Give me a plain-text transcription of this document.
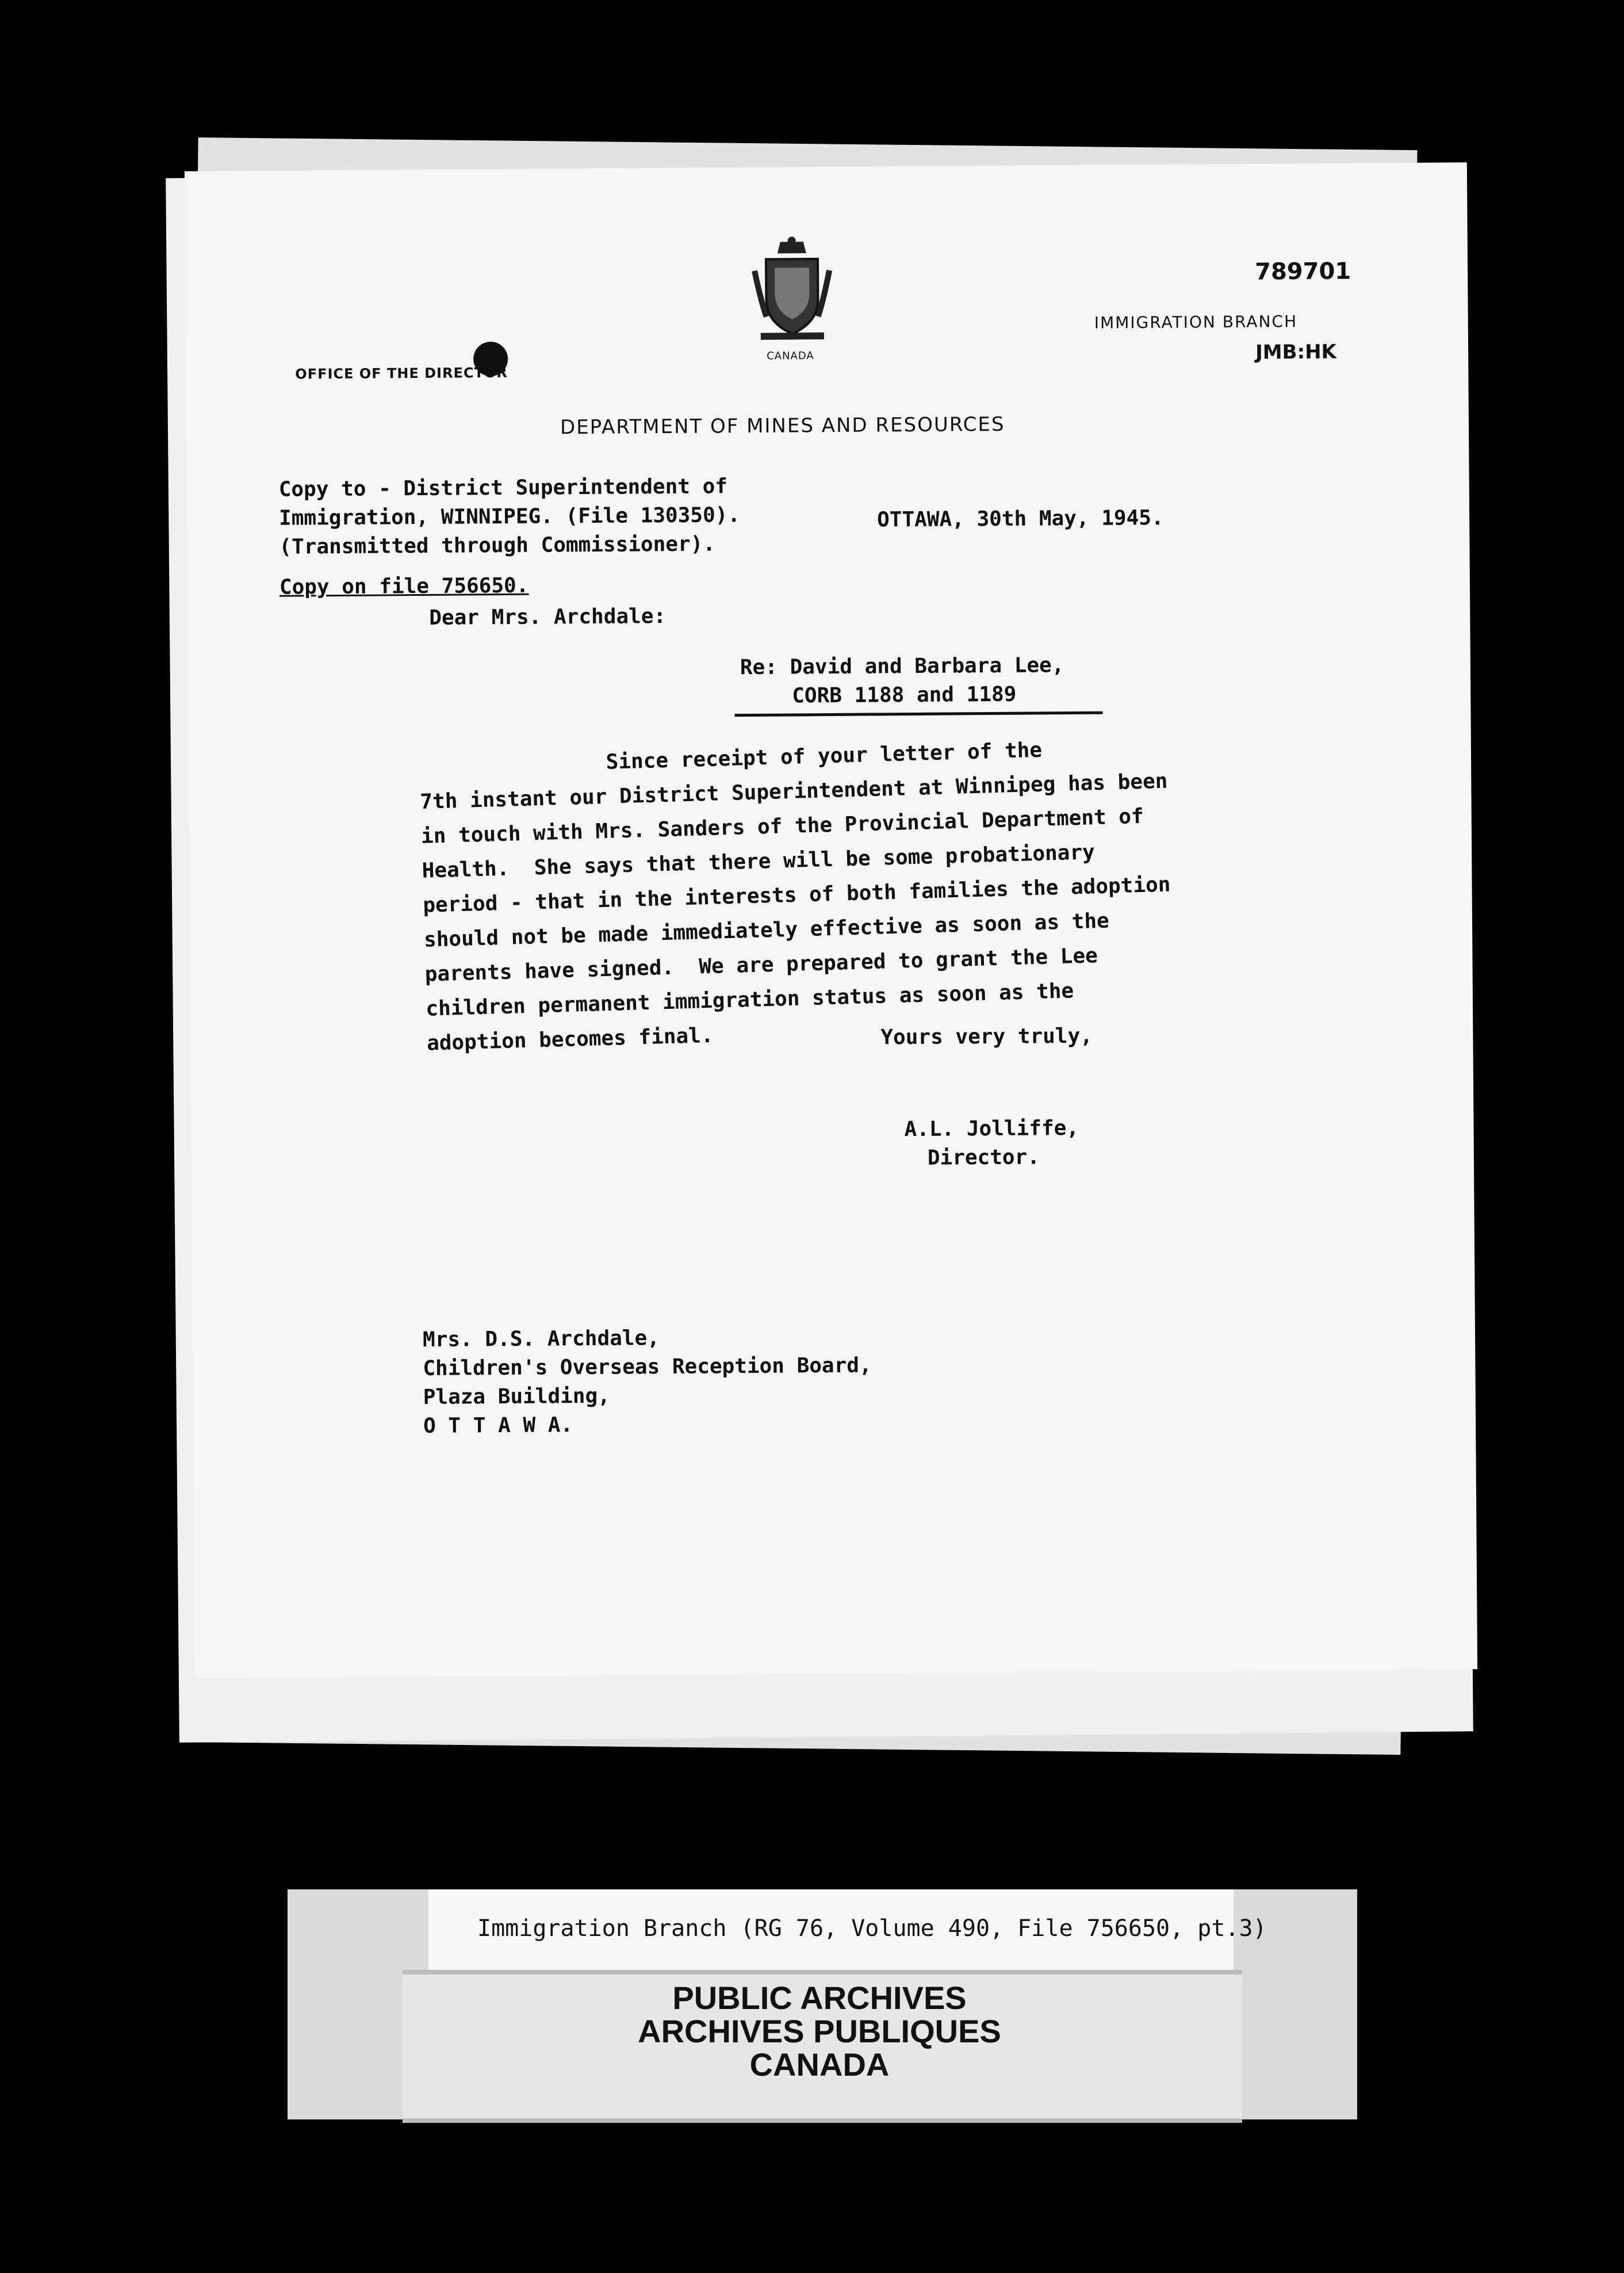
789701
IMMIGRATION BRANCH
JMB:HK
OFFICE OF THE DIRECTOR
CANADA
DEPARTMENT OF MINES AND RESOURCES
Copy to - District Superintendent of
Immigration, WINNIPEG. (File 130350).
(Transmitted through Commissioner).
Copy on file 756650.
OTTAWA, 30th May, 1945.
Dear Mrs. Archdale:
Re: David and Barbara Lee,
CORB 1188 and 1189
Since receipt of your letter of the
7th instant our District Superintendent at Winnipeg has been
in touch with Mrs. Sanders of the Provincial Department of
Health.  She says that there will be some probationary
period - that in the interests of both families the adoption
should not be made immediately effective as soon as the
parents have signed.  We are prepared to grant the Lee
children permanent immigration status as soon as the
adoption becomes final.	Yours very truly,
A.L. Jolliffe,
Director.
Mrs. D.S. Archdale,
Children's Overseas Reception Board,
Plaza Building,
O T T A W A.
Immigration Branch (RG 76, Volume 490, File 756650, pt.3)
PUBLIC ARCHIVES
ARCHIVES PUBLIQUES
CANADA
